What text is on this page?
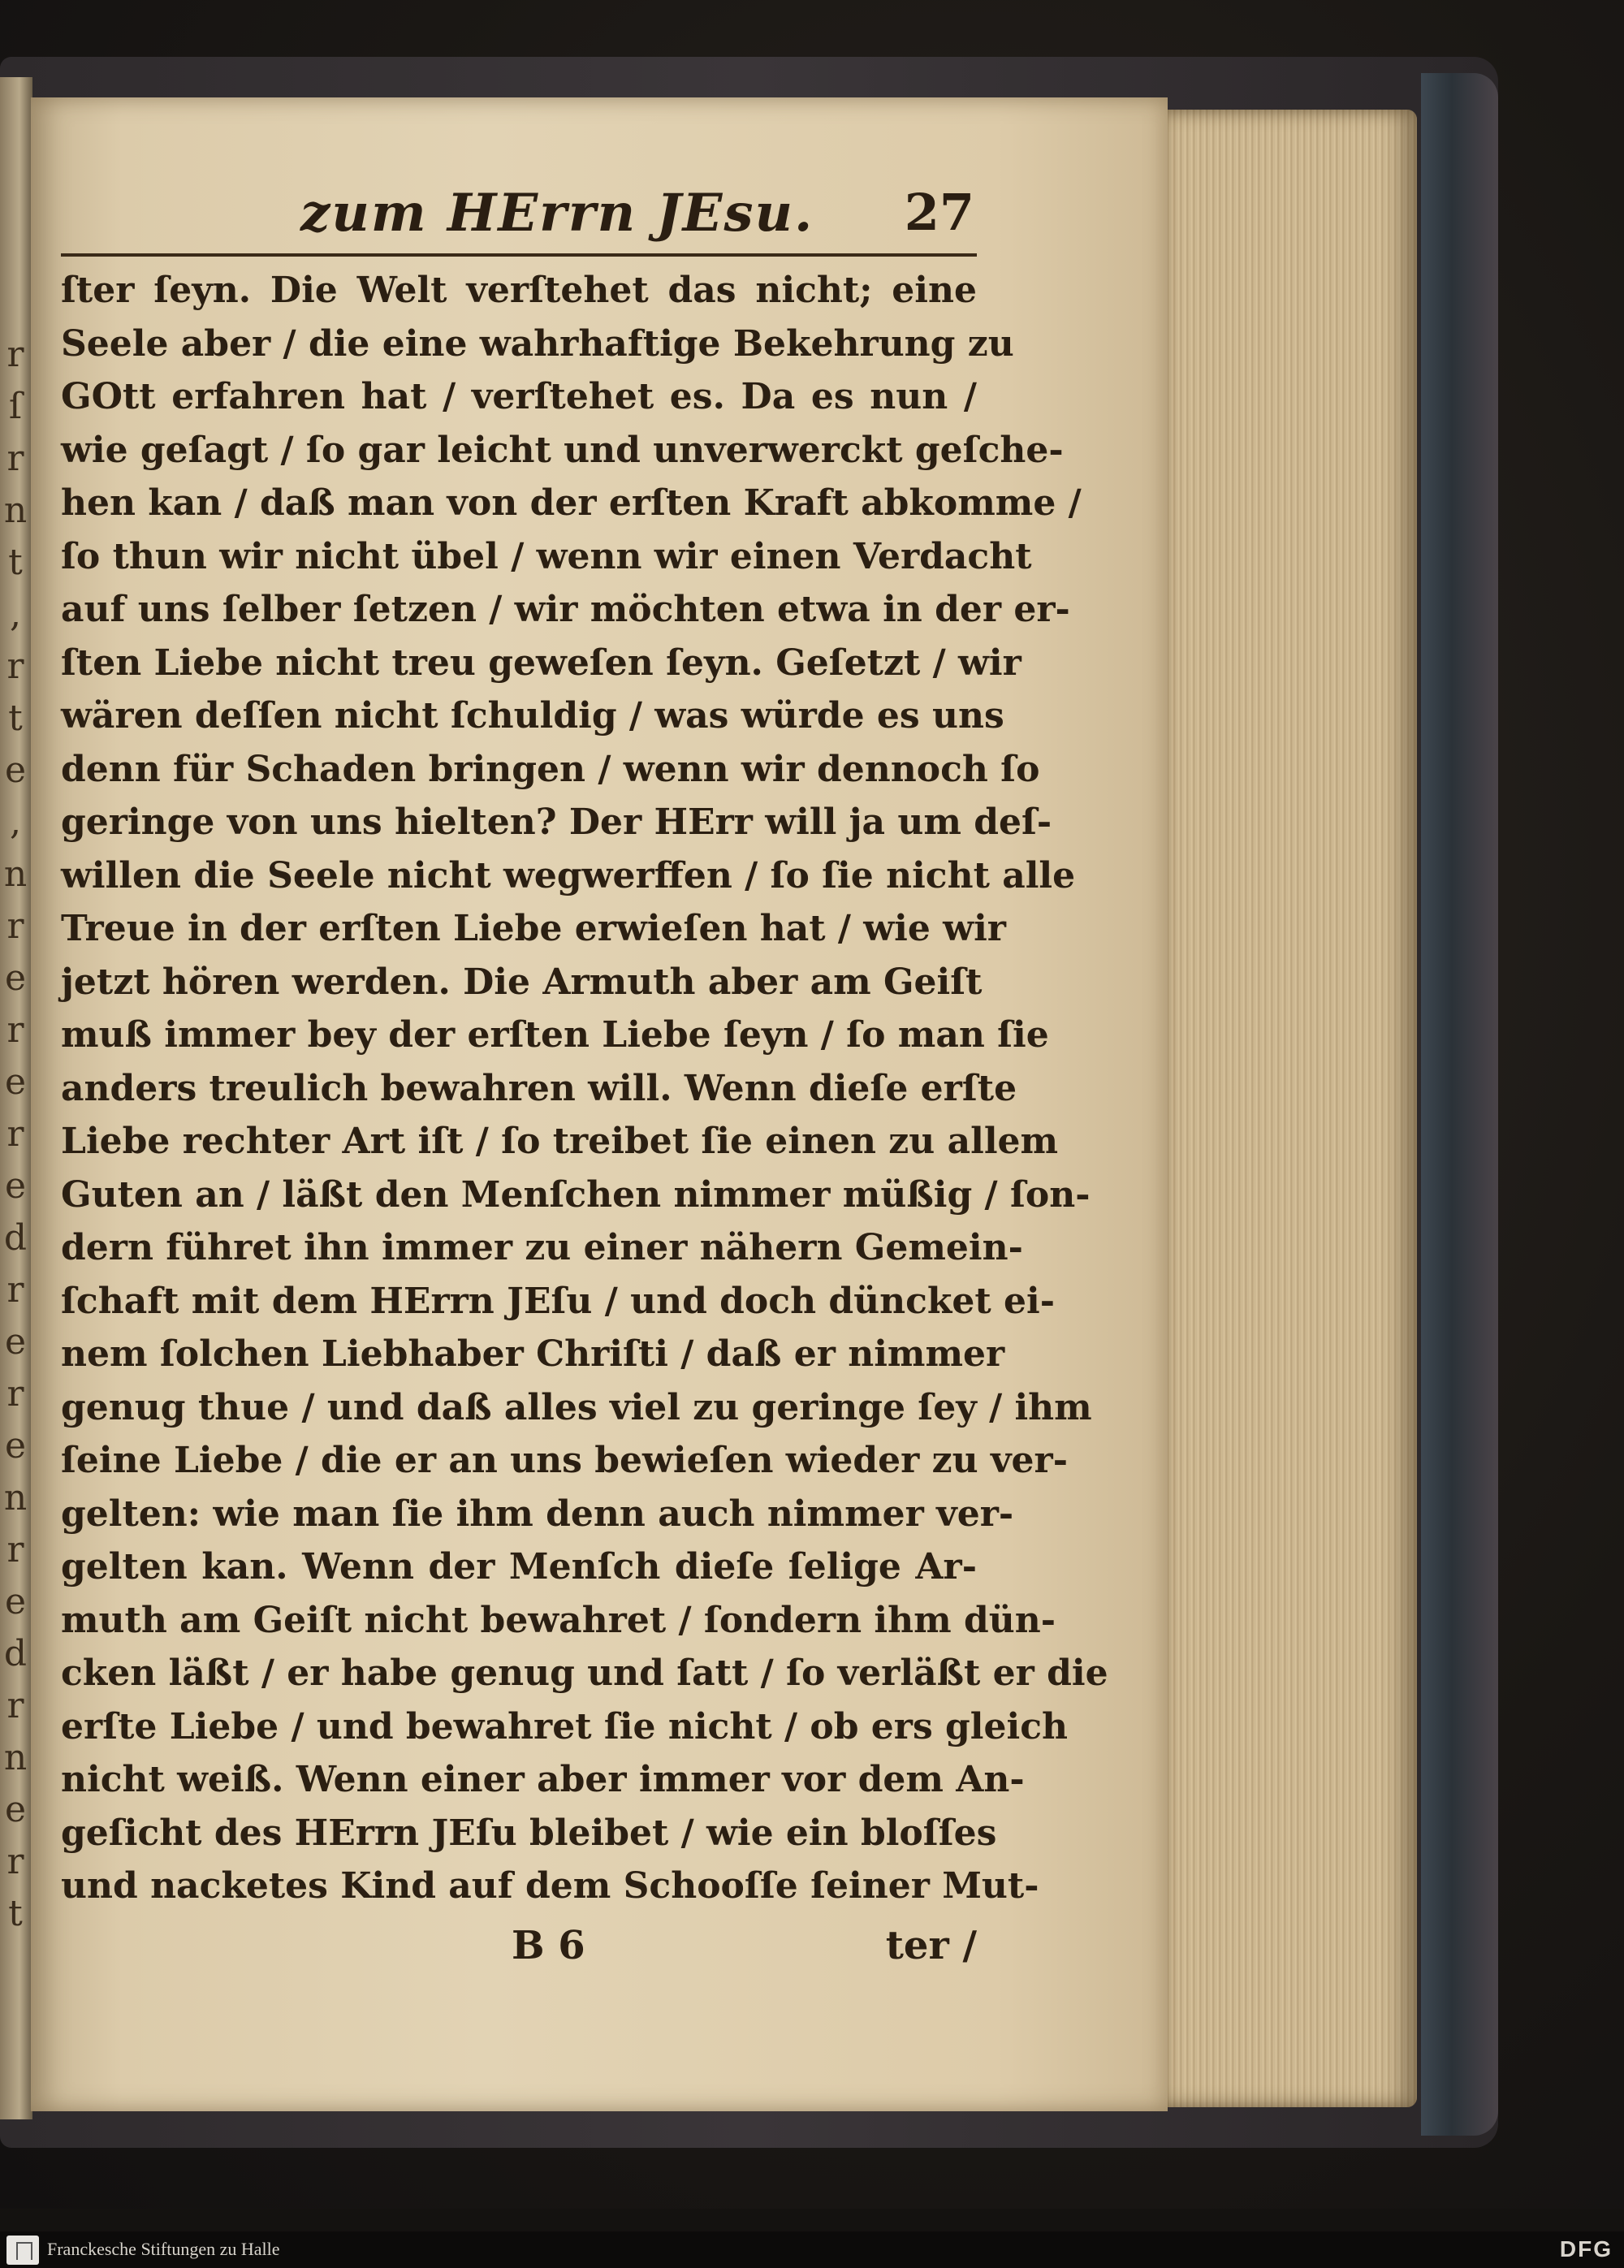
r
ſ
r
n
t
,
r
t
e
,
n
r
e
r
e
r
e
d
r
e
r
e
n
r
e
d
r
n
e
r
t
zum HErrn JEsu. 27
ſter ſeyn. Die Welt verſtehet das nicht; eine
Seele aber / die eine wahrhaftige Bekehrung zu
GOtt erfahren hat / verſtehet es. Da es nun /
wie geſagt / ſo gar leicht und unverwerckt geſche-
hen kan / daß man von der erſten Kraft abkomme /
ſo thun wir nicht übel / wenn wir einen Verdacht
auf uns ſelber ſetzen / wir möchten etwa in der er-
ſten Liebe nicht treu geweſen ſeyn. Geſetzt / wir
wären deſſen nicht ſchuldig / was würde es uns
denn für Schaden bringen / wenn wir dennoch ſo
geringe von uns hielten? Der HErr will ja um deſ-
willen die Seele nicht wegwerffen / ſo ſie nicht alle
Treue in der erſten Liebe erwieſen hat / wie wir
jetzt hören werden. Die Armuth aber am Geiſt
muß immer bey der erſten Liebe ſeyn / ſo man ſie
anders treulich bewahren will. Wenn dieſe erſte
Liebe rechter Art iſt / ſo treibet ſie einen zu allem
Guten an / läßt den Menſchen nimmer müßig / ſon-
dern führet ihn immer zu einer nähern Gemein-
ſchaft mit dem HErrn JEſu / und doch düncket ei-
nem ſolchen Liebhaber Chriſti / daß er nimmer
genug thue / und daß alles viel zu geringe ſey / ihm
ſeine Liebe / die er an uns bewieſen wieder zu ver-
gelten: wie man ſie ihm denn auch nimmer ver-
gelten kan. Wenn der Menſch dieſe ſelige Ar-
muth am Geiſt nicht bewahret / ſondern ihm dün-
cken läßt / er habe genug und ſatt / ſo verläßt er die
erſte Liebe / und bewahret ſie nicht / ob ers gleich
nicht weiß. Wenn einer aber immer vor dem An-
geſicht des HErrn JEſu bleibet / wie ein bloſſes
und nacketes Kind auf dem Schooſſe ſeiner Mut-
B 6	ter /
Franckesche Stiftungen zu Halle	DFG
